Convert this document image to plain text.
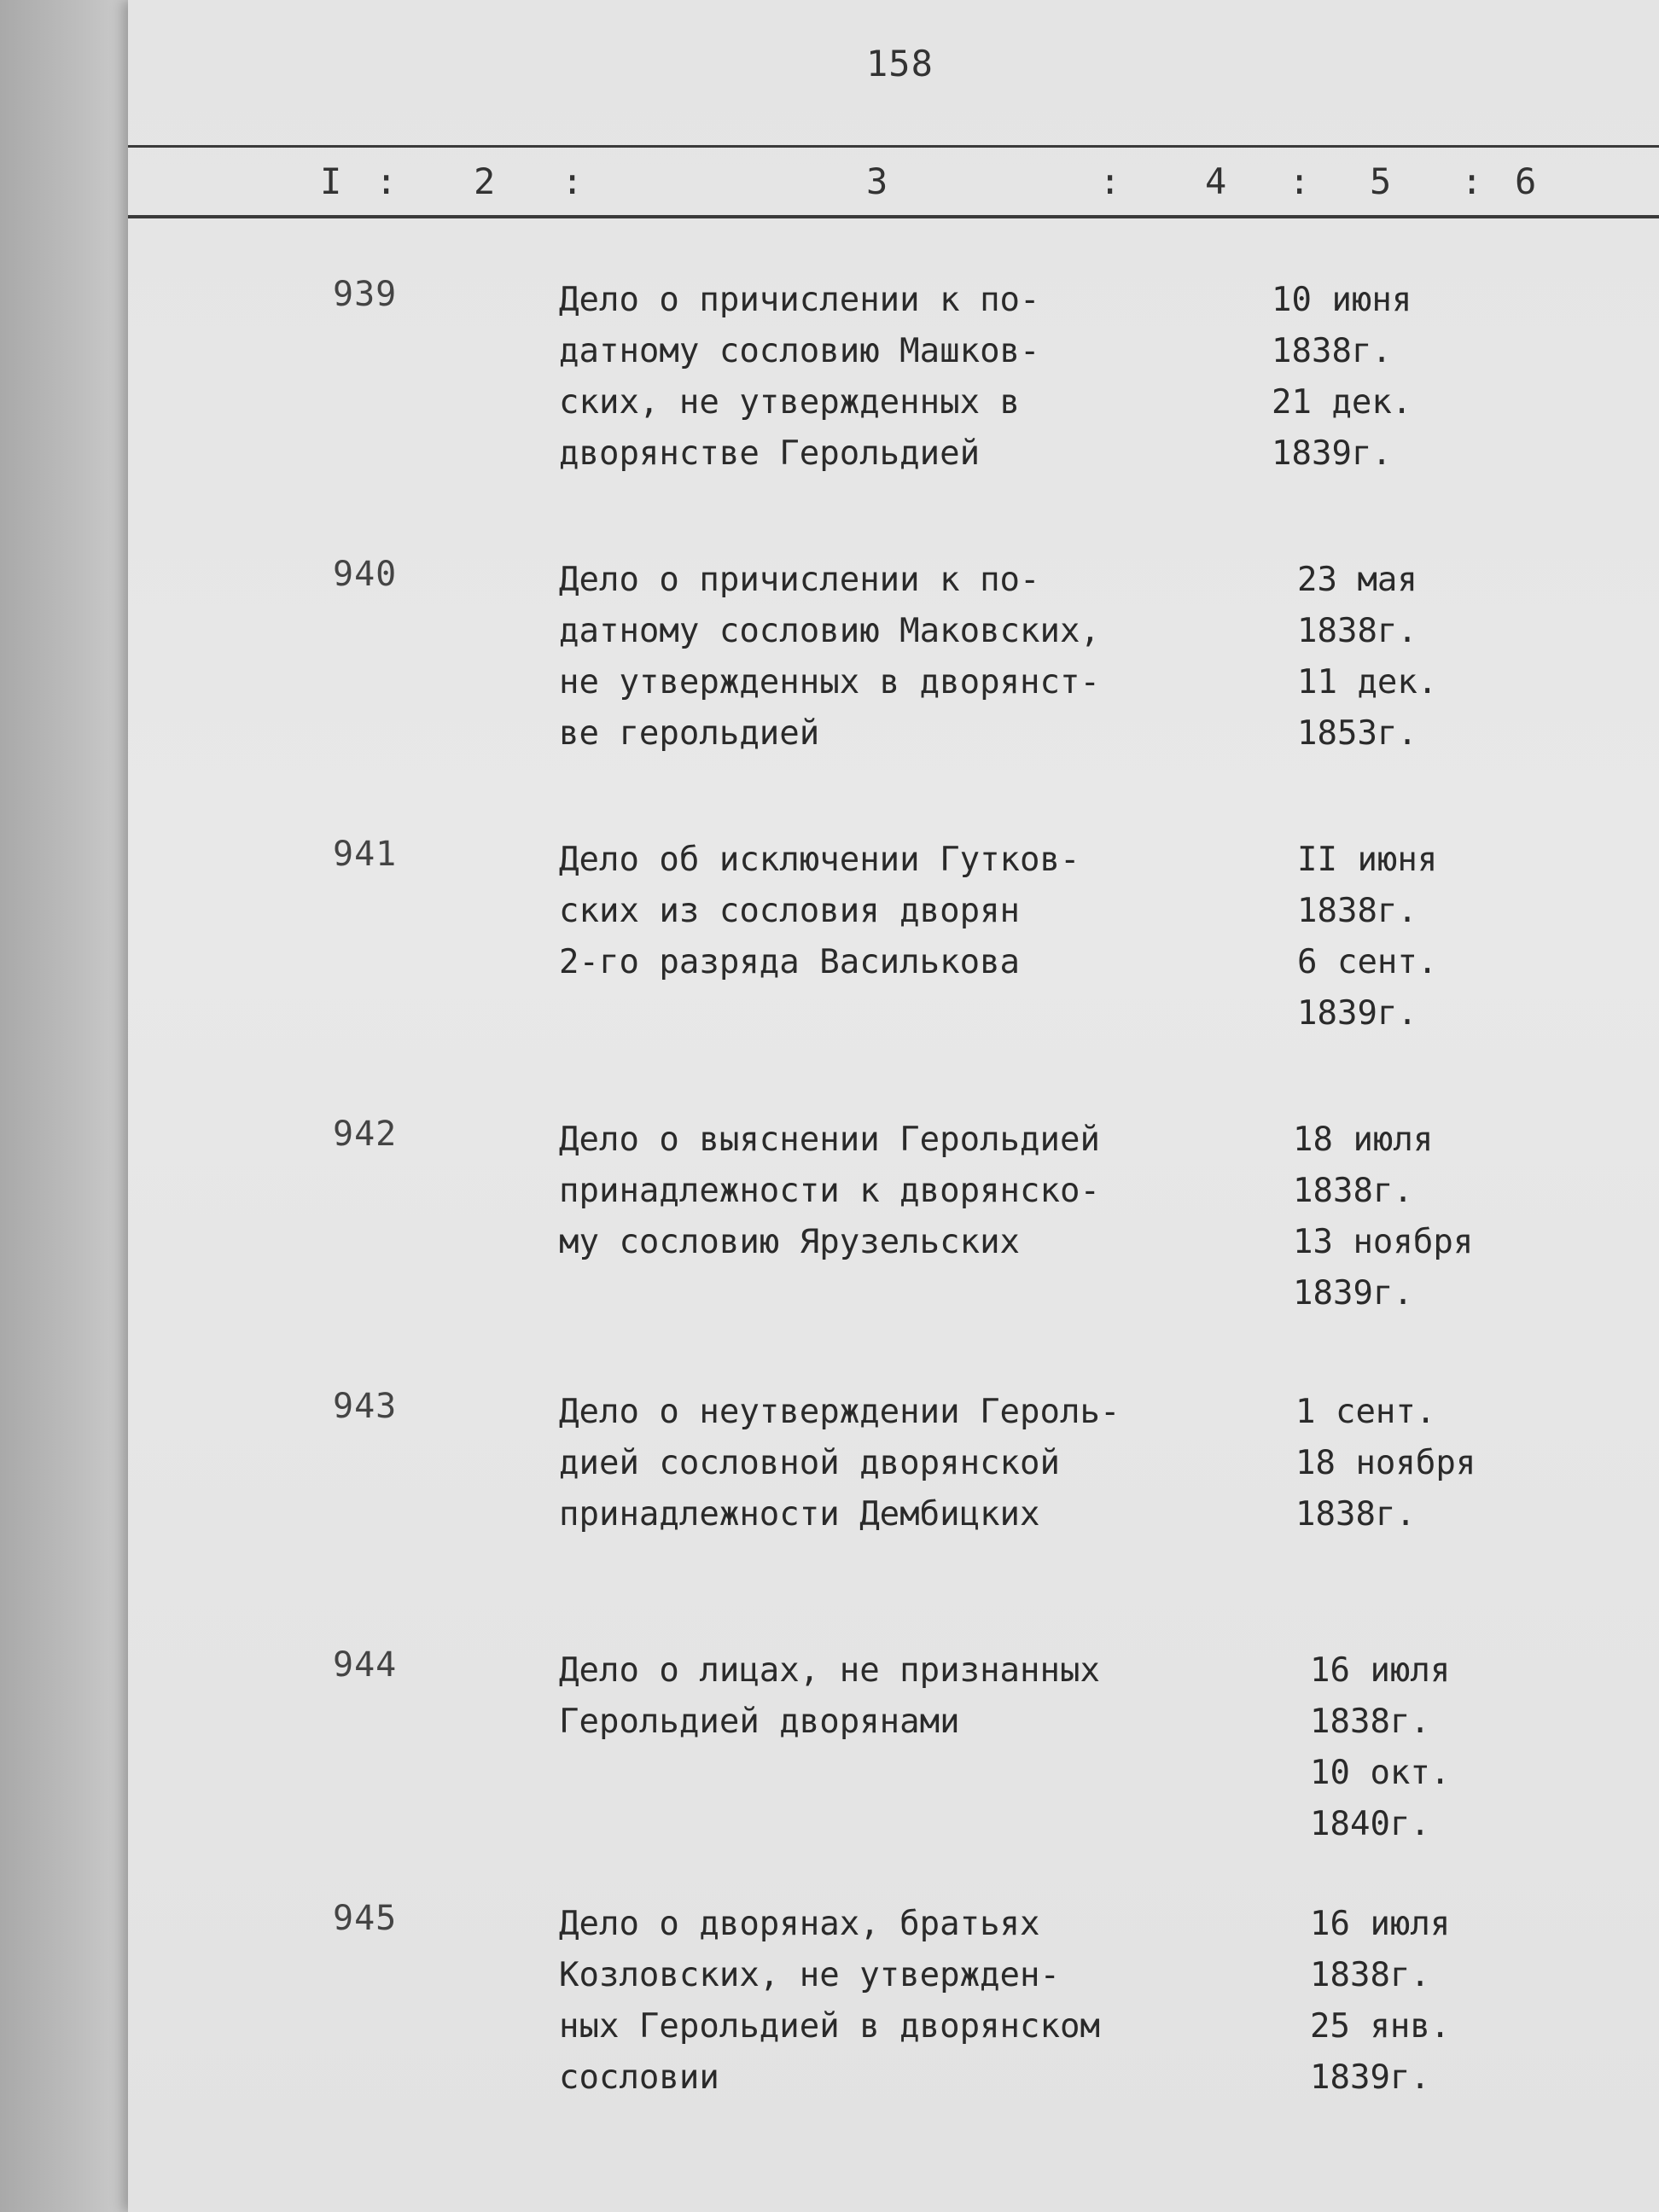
158
I : 2 :	3	: 4 : 5 : 6
939	Дело о причислении к по-
датному сословию Машков-
ских, не утвержденных в
дворянстве Герольдией
10 июня
1838г.
21 дек.
1839г.
940	Дело о причислении к по-
датному сословию Маковских,
не утвержденных в дворянст-
ве герольдией
23 мая
1838г.
11 дек.
1853г.
941	Дело об исключении Гутков-
ских из сословия дворян
2-го разряда Василькова
II июня
1838г.
6 сент.
1839г.
942	Дело о выяснении Герольдией
принадлежности к дворянско-
му сословию Ярузельских
18 июля
1838г.
13 ноября
1839г.
943	Дело о неутверждении Героль-
дией сословной дворянской
принадлежности Дембицких
1 сент.
18 ноября
1838г.
944	Дело о лицах, не признанных
Герольдией дворянами
16 июля
1838г.
10 окт.
1840г.
945	Дело о дворянах, братьях
Козловских, не утвержден-
ных Герольдией в дворянском
сословии
16 июля
1838г.
25 янв.
1839г.
